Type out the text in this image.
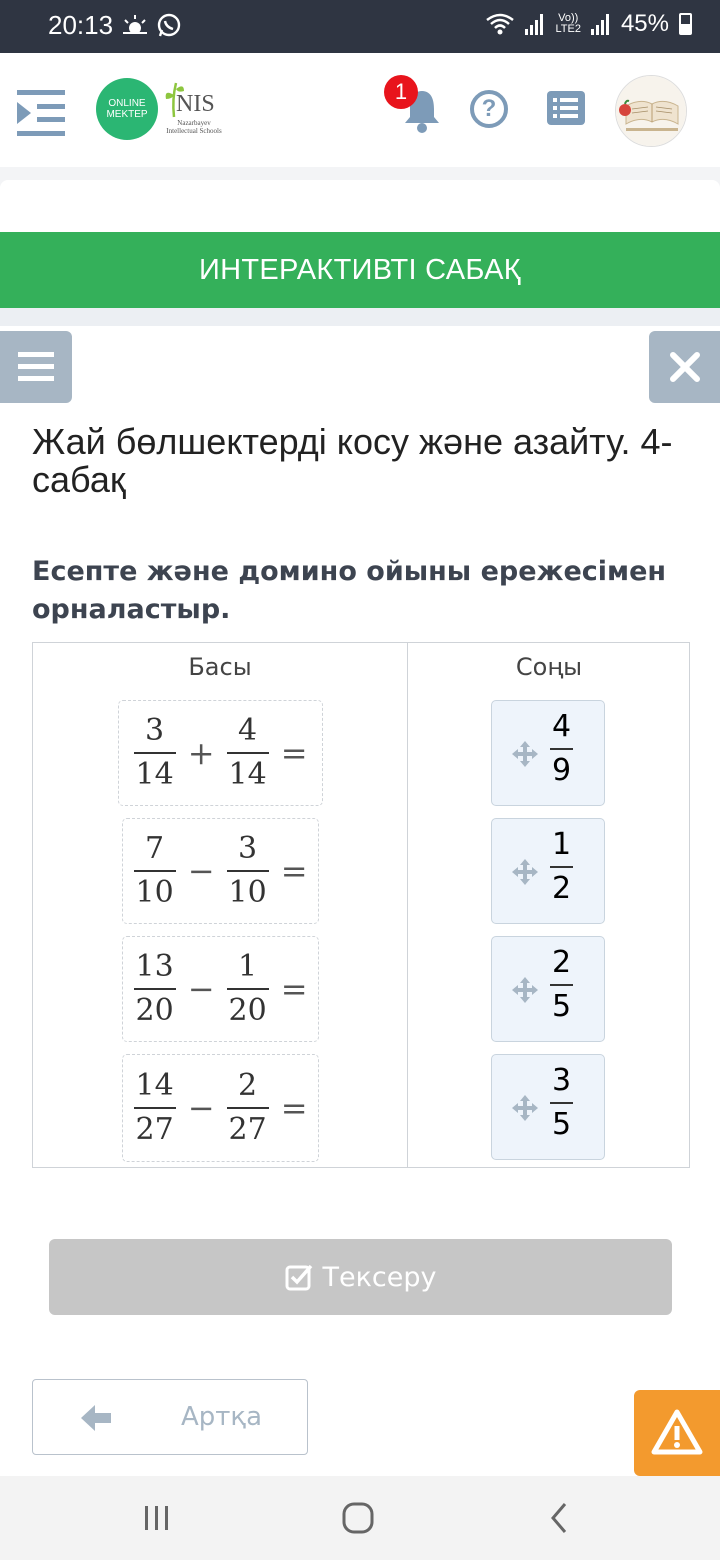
20:13	Vo))
LTE2 45%
ONLINE
MEKTEP NIS
Nazarbayev Intellectual Schools
1
?
ИНТЕРАКТИВТІ САБАҚ
Жай бөлшектерді косу жəне азайту. 4-сабақ
Есепте жəне домино ойыны ережесімен орналастыр.
Басы	Соңы
$\frac{3}{14} + \frac{4}{14}$ =
$\frac{7}{10} - \frac{3}{10}$ =
$\frac{13}{20} - \frac{1}{20}$ =
$\frac{14}{27} - \frac{2}{27}$ =
4
9
1
2
2
5
3
5
Тексеру
Артқа
